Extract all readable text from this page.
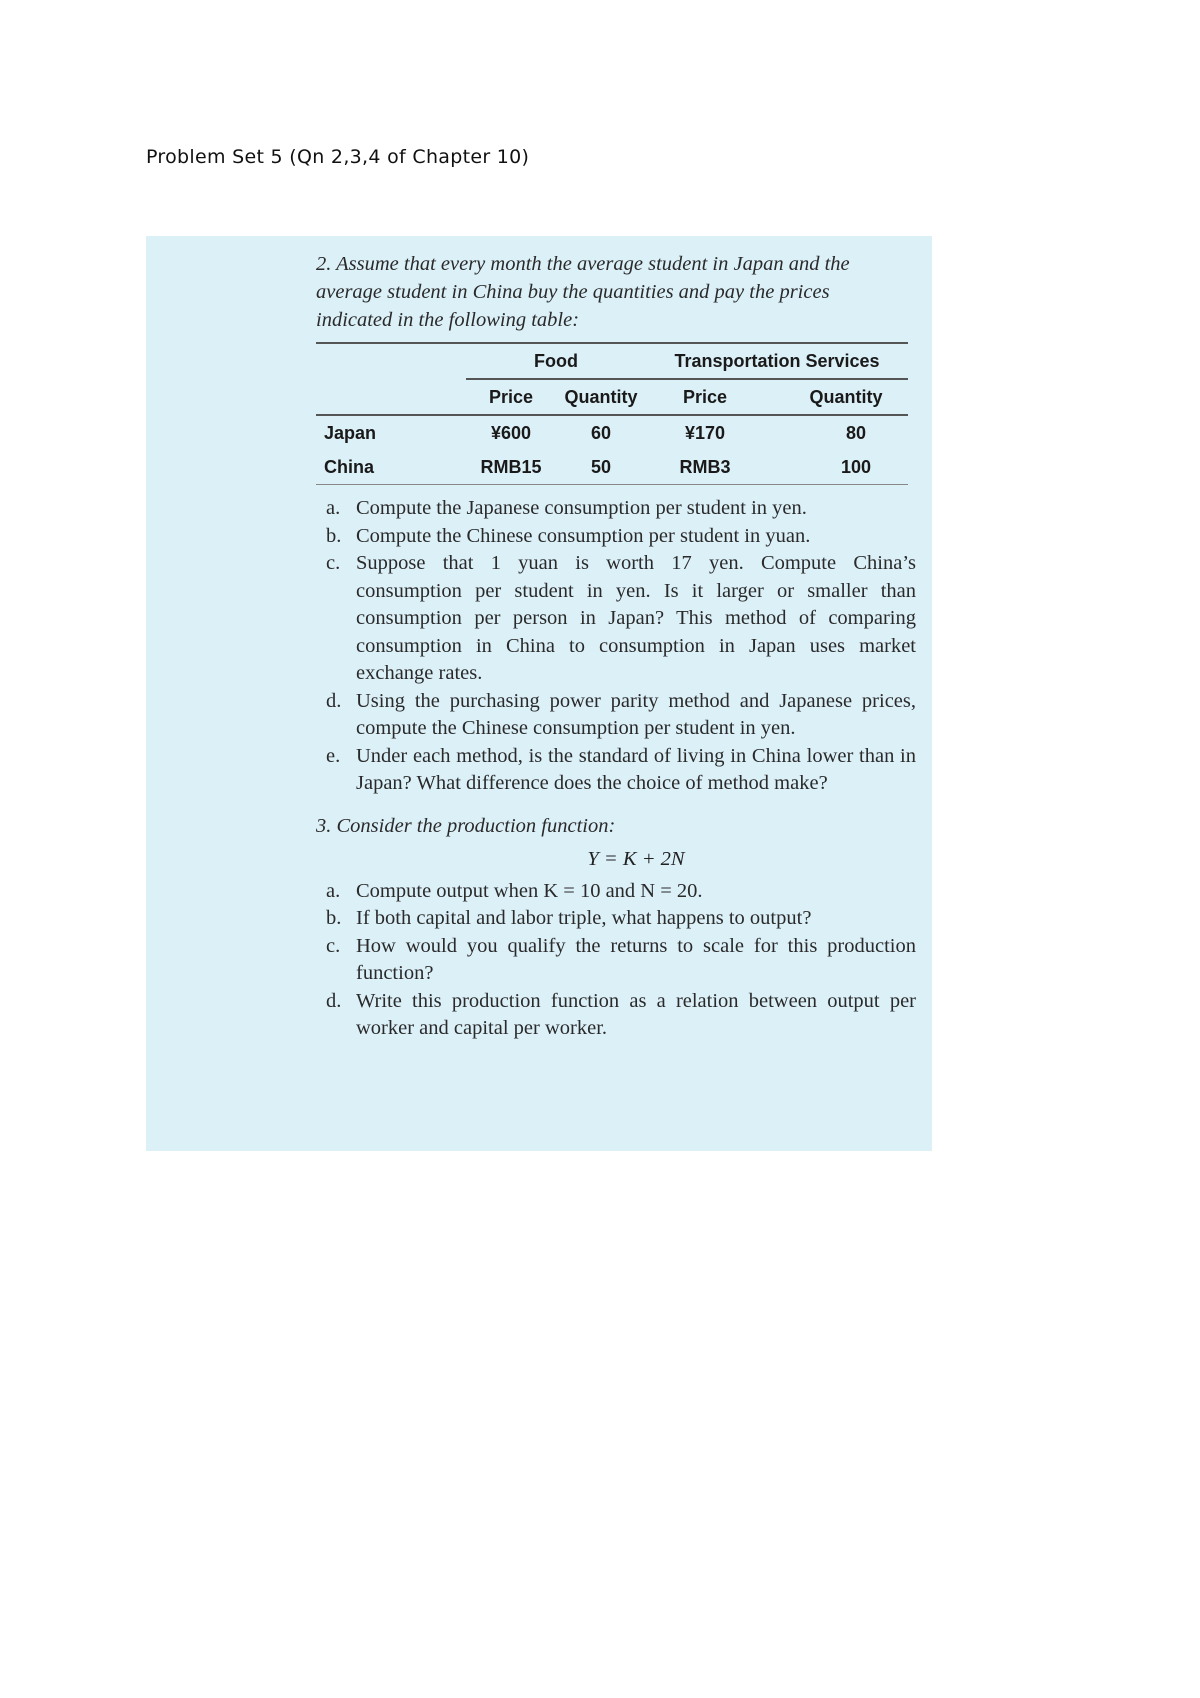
Problem Set 5 (Qn 2,3,4 of Chapter 10)

2. Assume that every month the average student in Japan and the average student in China buy the quantities and pay the prices indicated in the following table:

	Food		Transportation Services	
	Price	Quantity	Price	Quantity
Japan	¥600	60	¥170	80
China	RMB15	50	RMB3	100
a. Compute the Japanese consumption per student in yen.
b. Compute the Chinese consumption per student in yuan.
c. Suppose that 1 yuan is worth 17 yen. Compute China’s consumption per student in yen. Is it larger or smaller than consumption per person in Japan? This method of comparing consumption in China to consumption in Japan uses market exchange rates.
d. Using the purchasing power parity method and Japanese prices, compute the Chinese consumption per student in yen.
e. Under each method, is the standard of living in China lower than in Japan? What difference does the choice of method make?
3. Consider the production function:
Y = K + 2N
a. Compute output when K = 10 and N = 20.
b. If both capital and labor triple, what happens to output?
c. How would you qualify the returns to scale for this production function?
d. Write this production function as a relation between output per worker and capital per worker.
